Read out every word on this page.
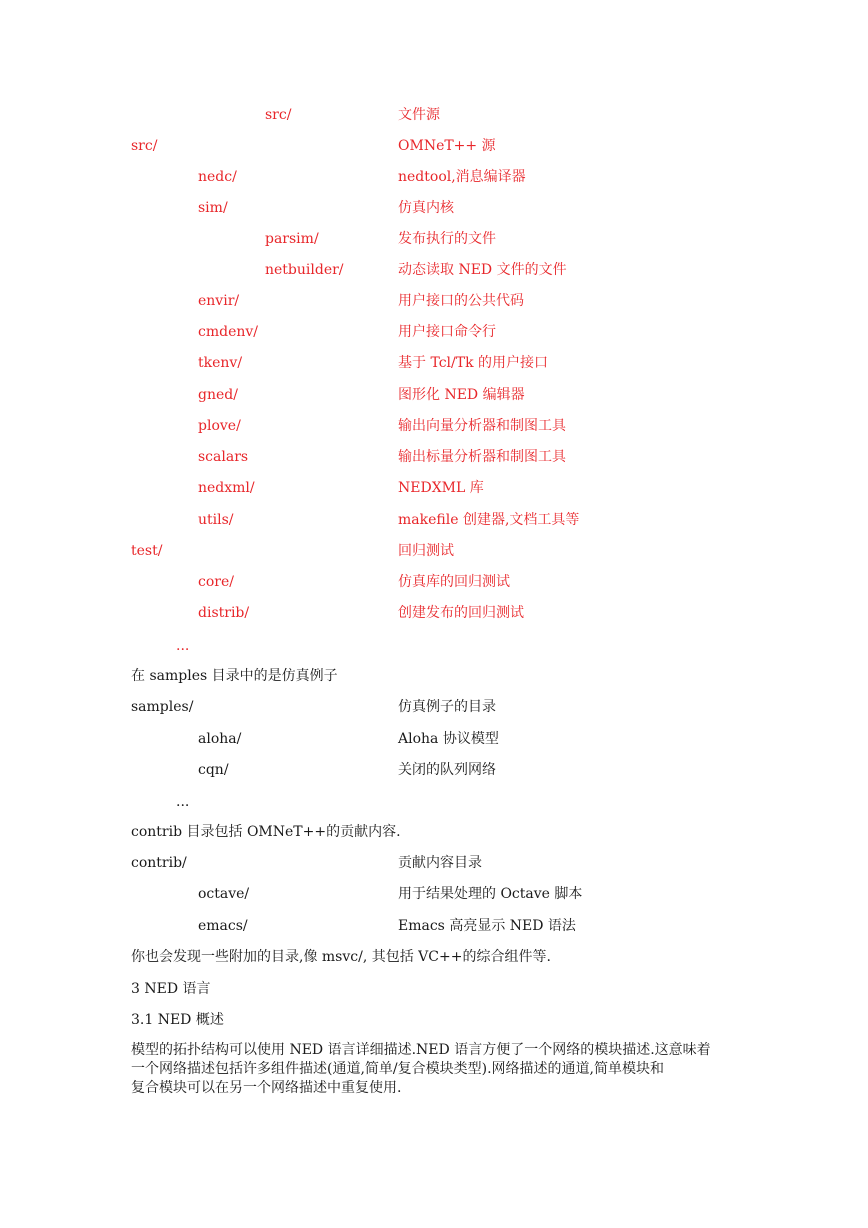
src/	文件源
src/	OMNeT++ 源
nedc/	nedtool,消息编译器
sim/	仿真内核
parsim/	发布执行的文件
netbuilder/	动态读取 NED 文件的文件
envir/	用户接口的公共代码
cmdenv/	用户接口命令行
tkenv/	基于 Tcl/Tk 的用户接口
gned/	图形化 NED 编辑器
plove/	输出向量分析器和制图工具
scalars	输出标量分析器和制图工具
nedxml/	NEDXML 库
utils/	makefile 创建器,文档工具等
test/	回归测试
core/	仿真库的回归测试
distrib/	创建发布的回归测试
...
在 samples 目录中的是仿真例子
samples/	仿真例子的目录
aloha/	Aloha 协议模型
cqn/	关闭的队列网络
...
contrib 目录包括 OMNeT++的贡献内容.
contrib/	贡献内容目录
octave/	用于结果处理的 Octave 脚本
emacs/	Emacs 高亮显示 NED 语法
你也会发现一些附加的目录,像 msvc/, 其包括 VC++的综合组件等.
3 NED 语言
3.1 NED 概述
模型的拓扑结构可以使用 NED 语言详细描述.NED 语言方便了一个网络的模块描述.这意味着
一个网络描述包括许多组件描述(通道,简单/复合模块类型).网络描述的通道,简单模块和
复合模块可以在另一个网络描述中重复使用.
